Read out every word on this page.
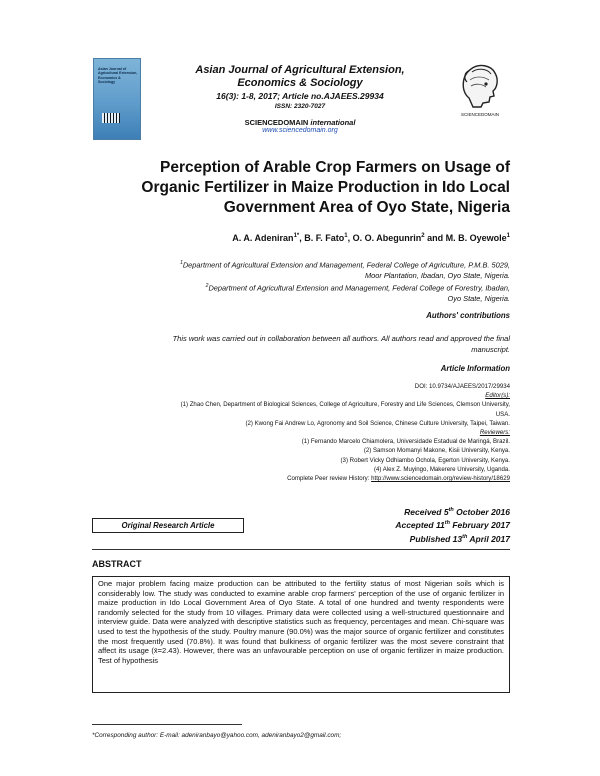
Asian Journal of
Agricultural Extension,
Economics & Sociology
Asian Journal of Agricultural Extension,
Economics & Sociology
16(3): 1-8, 2017; Article no.AJAEES.29934
ISSN: 2320-7027
SCIENCEDOMAIN international
www.sciencedomain.org
SCIENCEDOMAIN
Perception of Arable Crop Farmers on Usage of
Organic Fertilizer in Maize Production in Ido Local
Government Area of Oyo State, Nigeria
A. A. Adeniran$^{1*}$, B. F. Fato$^1$, O. O. Abegunrin$^2$ and M. B. Oyewole$^1$
$^1$Department of Agricultural Extension and Management, Federal College of Agriculture, P.M.B. 5029,
Moor Plantation, Ibadan, Oyo State, Nigeria.
$^2$Department of Agricultural Extension and Management, Federal College of Forestry, Ibadan,
Oyo State, Nigeria.
Authors' contributions
This work was carried out in collaboration between all authors. All authors read and approved the final
manuscript.
Article Information
DOI: 10.9734/AJAEES/2017/29934
Editor(s):
(1) Zhao Chen, Department of Biological Sciences, College of Agriculture, Forestry and Life Sciences, Clemson University,
USA.
(2) Kwong Fai Andrew Lo, Agronomy and Soil Science, Chinese Culture University, Taipei, Taiwan.
Reviewers:
(1) Fernando Marcelo Chiamolera, Universidade Estadual de Maringá, Brazil.
(2) Samson Momanyi Makone, Kisii University, Kenya.
(3) Robert Vicky Odhiambo Ochola, Egerton University, Kenya.
(4) Alex Z. Muyingo, Makerere University, Uganda.
Complete Peer review History: http://www.sciencedomain.org/review-history/18629
Original Research Article
Received 5th October 2016
Accepted 11th February 2017
Published 13th April 2017
ABSTRACT
One major problem facing maize production can be attributed to the fertility status of most Nigerian soils which is considerably low. The study was conducted to examine arable crop farmers' perception of the use of organic fertilizer in maize production in Ido Local Government Area of Oyo State. A total of one hundred and twenty respondents were randomly selected for the study from 10 villages. Primary data were collected using a well-structured questionnaire and interview guide. Data were analyzed with descriptive statistics such as frequency, percentages and mean. Chi-square was used to test the hypothesis of the study. Poultry manure (90.0%) was the major source of organic fertilizer and constitutes the most frequently used (70.8%). It was found that bulkiness of organic fertilizer was the most severe constraint that affect its usage (x̄=2.43). However, there was an unfavourable perception on use of organic fertilizer in maize production. Test of hypothesis
*Corresponding author: E-mail: adeniranbayo@yahoo.com, adeniranbayo2@gmail.com;
